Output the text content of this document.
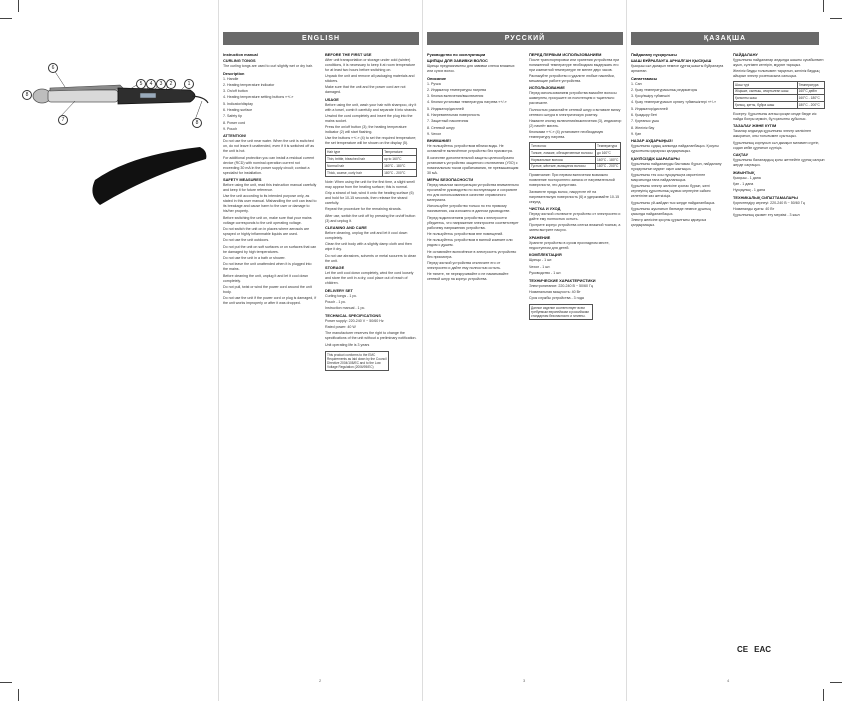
6
8
5	4	3	2	1
7	8
ENGLISH
Instruction manual
CURLING TONGS

The curling tongs are used to curl slightly wet or dry hair.

Description

1. Handle

2. Heating temperature indicator

3. On/off button

4. Heating temperature setting buttons «+/-»

5. Indicator/display

6. Heating surface

7. Safety tip

8. Power cord

9. Pouch

ATTENTION!

Do not use the unit near water. When the unit is switched on, do not leave it unattended, even if it is switched off as the unit is hot.

For additional protection you can install a residual current device (RCD) with nominal operation current not exceeding 30 mA in the power supply circuit; contact a specialist for installation.

SAFETY MEASURES

Before using the unit, read this instruction manual carefully and keep it for future reference.

Use the unit according to its intended purpose only, as stated in this user manual. Mishandling the unit can lead to its breakage and cause harm to the user or damage to his/her property.

Before switching the unit on, make sure that your mains voltage corresponds to the unit operating voltage.

Do not switch the unit on in places where aerosols are sprayed or highly inflammable liquids are used.

Do not use the unit outdoors.

Do not put the unit on soft surfaces or on surfaces that can be damaged by high temperatures.

Do not use the unit in a bath or shower.

Do not leave the unit unattended when it is plugged into the mains.

Before cleaning the unit, unplug it and let it cool down completely.

Do not pull, twist or wind the power cord around the unit body.

Do not use the unit if the power cord or plug is damaged, if the unit works improperly or after it was dropped.

BEFORE THE FIRST USE

After unit transportation or storage under cold (winter) conditions, it is necessary to keep it at room temperature for at least two hours before switching on.

Unpack the unit and remove all packaging materials and stickers.

Make sure that the unit and the power cord are not damaged.

USAGE

Before using the unit, wash your hair with shampoo, dry it with a towel, comb it carefully and separate it into strands.

Unwind the cord completely and insert the plug into the mains socket.

Press the on/off button (3); the heating temperature indicator (2) will start flashing.

Use the buttons «+/-» (4) to set the required temperature; the set temperature will be shown on the display (5).

Hair type	Temperature
Thin, brittle, bleached hair	up to 160°C
Normal hair	160°C - 180°C
Thick, coarse, curly hair	180°C - 200°C

Note: When using the unit for the first time, a slight smell may appear from the heating surface; this is normal.

Grip a strand of hair, wind it onto the heating surface (6) and hold for 10-15 seconds, then release the strand carefully.

Repeat the procedure for the remaining strands.

After use, switch the unit off by pressing the on/off button (3) and unplug it.

CLEANING AND CARE

Before cleaning, unplug the unit and let it cool down completely.

Clean the unit body with a slightly damp cloth and then wipe it dry.

Do not use abrasives, solvents or metal scourers to clean the unit.

STORAGE

Let the unit cool down completely, wind the cord loosely and store the unit in a dry, cool place out of reach of children.

DELIVERY SET

Curling tongs - 1 pc.

Pouch - 1 pc.

Instruction manual - 1 pc.

TECHNICAL SPECIFICATIONS

Power supply: 220-240 V ~ 50/60 Hz

Rated power: 40 W

The manufacturer reserves the right to change the specifications of the unit without a preliminary notification.

Unit operating life is 3 years

This product conforms to the EMC Requirements as laid down by the Council Directive 2004/108/EC and to the Low Voltage Regulation (2006/95/EC)
2
РУССКИЙ
Руководство по эксплуатации
ЩИПЦЫ ДЛЯ ЗАВИВКИ ВОЛОС

Щипцы предназначены для завивки слегка влажных или сухих волос.

Описание

1. Ручка

2. Индикатор температуры нагрева

3. Кнопка включения/выключения

4. Кнопки установки температуры нагрева «+/-»

5. Индикатор/дисплей

6. Нагревательная поверхность

7. Защитный наконечник

8. Сетевой шнур

9. Чехол

ВНИМАНИЕ!

Не пользуйтесь устройством вблизи воды. Не оставляйте включённое устройство без присмотра.

В качестве дополнительной защиты целесообразно установить устройство защитного отключения (УЗО) с номинальным током срабатывания, не превышающим 30 мА.

МЕРЫ БЕЗОПАСНОСТИ

Перед началом эксплуатации устройства внимательно прочитайте руководство по эксплуатации и сохраните его для использования в качестве справочного материала.

Используйте устройство только по его прямому назначению, как изложено в данном руководстве.

Перед подключением устройства к электросети убедитесь, что напряжение электросети соответствует рабочему напряжению устройства.

Не пользуйтесь устройством вне помещений.

Не пользуйтесь устройством в ванной комнате или рядом с душем.

Не оставляйте включённое в электросеть устройство без присмотра.

Перед чисткой устройства отключите его от электросети и дайте ему полностью остыть.

Не тяните, не перекручивайте и не наматывайте сетевой шнур на корпус устройства.

ПЕРЕД ПЕРВЫМ ИСПОЛЬЗОВАНИЕМ

После транспортировки или хранения устройства при пониженной температуре необходимо выдержать его при комнатной температуре не менее двух часов.

Распакуйте устройство и удалите любые наклейки, мешающие работе устройства.

ИСПОЛЬЗОВАНИЕ

Перед использованием устройства вымойте волосы шампунем, просушите их полотенцем и тщательно расчешите.

Полностью размотайте сетевой шнур и вставьте вилку сетевого шнура в электрическую розетку.

Нажмите кнопку включения/выключения (3), индикатор (2) начнёт мигать.

Кнопками «+/-» (4) установите необходимую температуру нагрева.

Тип волос	Температура
Тонкие, ломкие, обесцвеченные волосы	до 160°С
Нормальные волосы	160°С - 180°С
Густые, жёсткие, вьющиеся волосы	180°С - 200°С

Примечание: При первом включении возможно появление постороннего запаха от нагревательной поверхности, это допустимо.

Захватите прядь волос, накрутите её на нагревательную поверхность (6) и удерживайте 10-15 секунд.

ЧИСТКА И УХОД

Перед чисткой отключите устройство от электросети и дайте ему полностью остыть.

Протрите корпус устройства слегка влажной тканью, а затем вытрите насухо.

ХРАНЕНИЕ

Храните устройство в сухом прохладном месте, недоступном для детей.

КОМПЛЕКТАЦИЯ

Щипцы - 1 шт.

Чехол - 1 шт.

Руководство - 1 шт.

ТЕХНИЧЕСКИЕ ХАРАКТЕРИСТИКИ

Электропитание: 220-240 В ~ 50/60 Гц

Номинальная мощность: 40 Вт

Срок службы устройства - 3 года

Данное изделие соответствует всем требуемым европейским и российским стандартам безопасности и гигиены.
3
ҚАЗАҚША
Пайдалану нұсқаулығы
ШАШ БҰЙРАЛАУҒА АРНАЛҒАН ҚЫСҚЫШ

Қысқыш сәл дымқыл немесе құрғақ шашты бұйралауға арналған.

Сипаттамасы

1. Сап

2. Қызу температурасының индикаторы

3. Қосу/өшіру түймешігі

4. Қызу температурасын орнату түймешіктері «+/-»

5. Индикатор/дисплей

6. Қыздыру беті

7. Қорғаныс ұшы

8. Желілік бау

9. Қап

НАЗАР АУДАРЫҢЫЗ!

Құрылғыны судың жанында пайдаланбаңыз. Қосулы құрылғыны қараусыз қалдырмаңыз.

ҚАУІПСІЗДІК ШАРАЛАРЫ

Құрылғыны пайдалануды бастамас бұрын, пайдалану нұсқаулығын мұқият оқып шығыңыз.

Құрылғыны тек осы нұсқаулықта көрсетілген мақсатында ғана пайдаланыңыз.

Құрылғыны электр желісіне қоспас бұрын, желі кернеуінің құрылғының жұмыс кернеуіне сәйкес келетініне көз жеткізіңіз.

Құрылғыны үй-жайдан тыс жерде пайдаланбаңыз.

Құрылғыны жуынатын бөлмеде немесе душтың қасында пайдаланбаңыз.

Электр желісіне қосулы құрылғыны қараусыз қалдырмаңыз.

ПАЙДАЛАНУ

Құрылғыны пайдаланар алдында шашты сусабынмен жуып, сүлгімен кептіріп, мұқият тараңыз.

Желілік бауды толығымен тарқатып, желілік баудың айырын электр розеткасына салыңыз.

Шаш түрі	Температура
Жіңішке, сынғыш, ағартылған шаш	160°C дейін
Қалыпты шаш	160°C - 180°C
Қалың, қатты, бұйра шаш	180°C - 200°C

Ескерту: Құрылғыны алғаш қосқан кезде бөгде иіс пайда болуы мүмкін, бұл қалыпты құбылыс.

ТАЗАЛАУ ЖӘНЕ КҮТІМ

Тазалар алдында құрылғыны электр желісінен ажыратып, оны толығымен суытыңыз.

Құрылғының корпусын сәл дымқыл матамен сүртіп, содан кейін құрғатып сүртіңіз.

САҚТАУ

Құрылғыны балалардың қолы жетпейтін құрғақ салқын жерде сақтаңыз.

ЖИЫНТЫҚ

Қысқыш - 1 дана

Қап - 1 дана

Нұсқаулық - 1 дана

ТЕХНИКАЛЫҚ СИПАТТАМАЛАРЫ

Қоректендіру кернеуі: 220-240 В ~ 50/60 Гц

Номиналды қуаты: 40 Вт

Құрылғының қызмет ету мерзімі - 3 жыл

CE EAC
4
